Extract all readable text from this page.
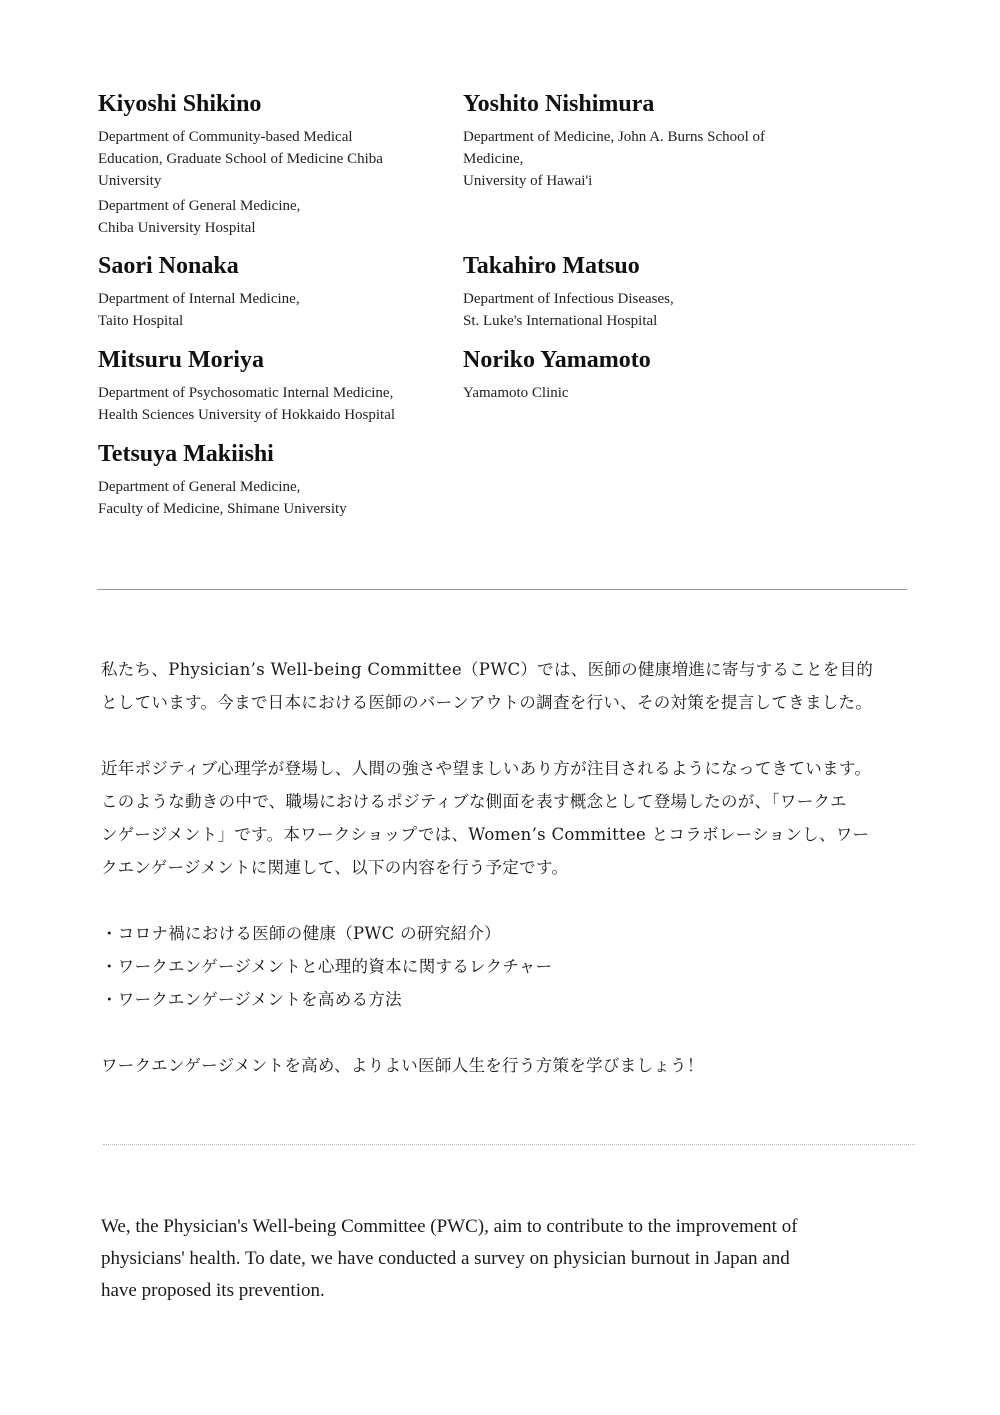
Kiyoshi Shikino
Department of Community-based Medical
Education, Graduate School of Medicine Chiba
University
Department of General Medicine,
Chiba University Hospital
Yoshito Nishimura
Department of Medicine, John A. Burns School of Medicine,
University of Hawai'i
Saori Nonaka
Department of Internal Medicine,
Taito Hospital
Takahiro Matsuo
Department of Infectious Diseases,
St. Luke's International Hospital
Mitsuru Moriya
Department of Psychosomatic Internal Medicine,
Health Sciences University of Hokkaido Hospital
Noriko Yamamoto
Yamamoto Clinic
Tetsuya Makiishi
Department of General Medicine,
Faculty of Medicine, Shimane University
私たち、Physician’s Well-being Committee（PWC）では、医師の健康増進に寄与することを目的
としています。今まで日本における医師のバーンアウトの調査を行い、その対策を提言してきました。
近年ポジティブ心理学が登場し、人間の強さや望ましいあり方が注目されるようになってきています。
このような動きの中で、職場におけるポジティブな側面を表す概念として登場したのが、「ワークエ
ンゲージメント」です。本ワークショップでは、Women’s Committee とコラボレーションし、ワー
クエンゲージメントに関連して、以下の内容を行う予定です。
・コロナ禍における医師の健康（PWC の研究紹介）
・ワークエンゲージメントと心理的資本に関するレクチャー
・ワークエンゲージメントを高める方法
ワークエンゲージメントを高め、よりよい医師人生を行う方策を学びましょう！
We, the Physician's Well-being Committee (PWC), aim to contribute to the improvement of
physicians' health. To date, we have conducted a survey on physician burnout in Japan and
have proposed its prevention.
